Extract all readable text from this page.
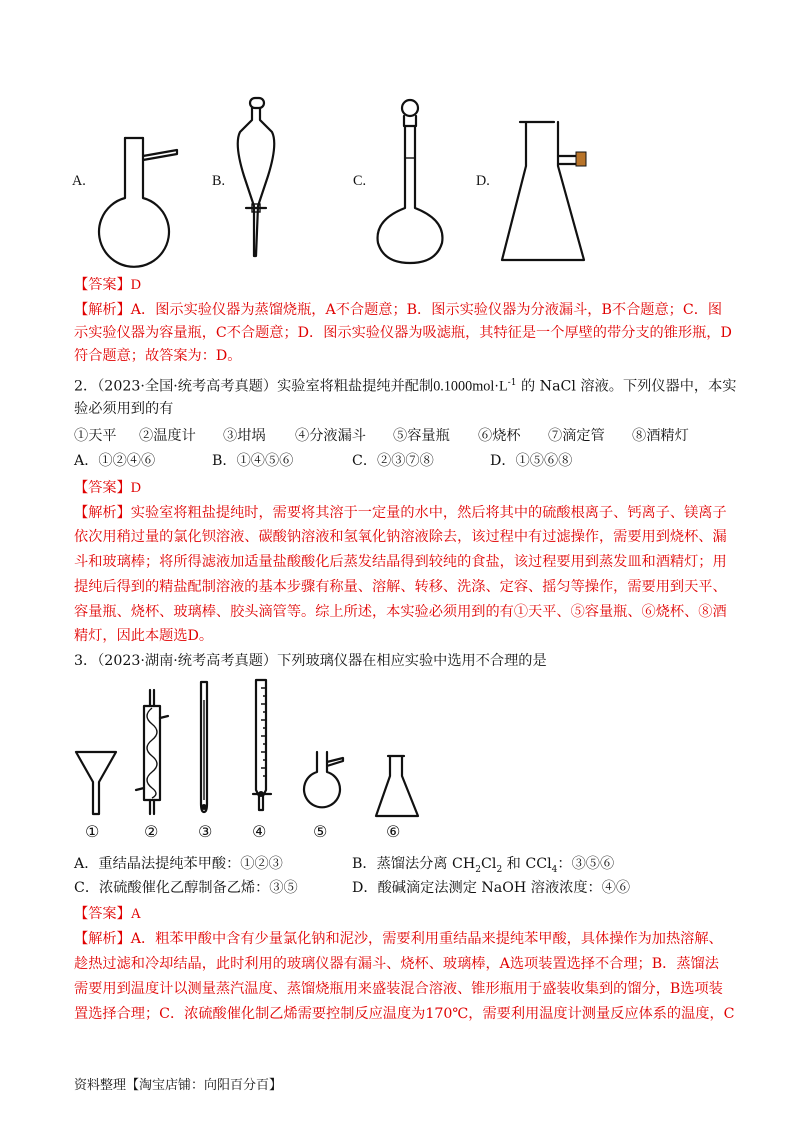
A.	B.	C.	D.
【答案】D
【解析】A．图示实验仪器为蒸馏烧瓶，A不合题意；B．图示实验仪器为分液漏斗，B不合题意；C．图
示实验仪器为容量瓶，C不合题意；D．图示实验仪器为吸滤瓶，其特征是一个厚壁的带分支的锥形瓶，D
符合题意；故答案为：D。
2．（2023·全国·统考高考真题）实验室将粗盐提纯并配制$0.1000mol\cdot L^{-1}$ 的 NaCl 溶液。下列仪器中，本实
验必须用到的有
①天平 ②温度计 ③坩埚 ④分液漏斗 ⑤容量瓶 ⑥烧杯 ⑦滴定管 ⑧酒精灯
A．①②④⑥	B．①④⑤⑥	C．②③⑦⑧	D．①⑤⑥⑧
【答案】D
【解析】实验室将粗盐提纯时，需要将其溶于一定量的水中，然后将其中的硫酸根离子、钙离子、镁离子
依次用稍过量的氯化钡溶液、碳酸钠溶液和氢氧化钠溶液除去，该过程中有过滤操作，需要用到烧杯、漏
斗和玻璃棒；将所得滤液加适量盐酸酸化后蒸发结晶得到较纯的食盐，该过程要用到蒸发皿和酒精灯；用
提纯后得到的精盐配制溶液的基本步骤有称量、溶解、转移、洗涤、定容、摇匀等操作，需要用到天平、
容量瓶、烧杯、玻璃棒、胶头滴管等。综上所述，本实验必须用到的有①天平、⑤容量瓶、⑥烧杯、⑧酒
精灯，因此本题选D。
3．（2023·湖南·统考高考真题）下列玻璃仪器在相应实验中选用不合理的是
①	② ③ ④	⑤	⑥
A．重结晶法提纯苯甲酸：①②③	B．蒸馏法分离 $CH_2Cl_2$ 和 CCl$_4$：③⑤⑥
C．浓硫酸催化乙醇制备乙烯：③⑤	D．酸碱滴定法测定 NaOH 溶液浓度：④⑥
【答案】A
【解析】A．粗苯甲酸中含有少量氯化钠和泥沙，需要利用重结晶来提纯苯甲酸，具体操作为加热溶解、
趁热过滤和冷却结晶，此时利用的玻璃仪器有漏斗、烧杯、玻璃棒，A选项装置选择不合理；B．蒸馏法
需要用到温度计以测量蒸汽温度、蒸馏烧瓶用来盛装混合溶液、锥形瓶用于盛装收集到的馏分，B选项装
置选择合理；C．浓硫酸催化制乙烯需要控制反应温度为170℃，需要利用温度计测量反应体系的温度，C
资料整理【淘宝店铺：向阳百分百】
